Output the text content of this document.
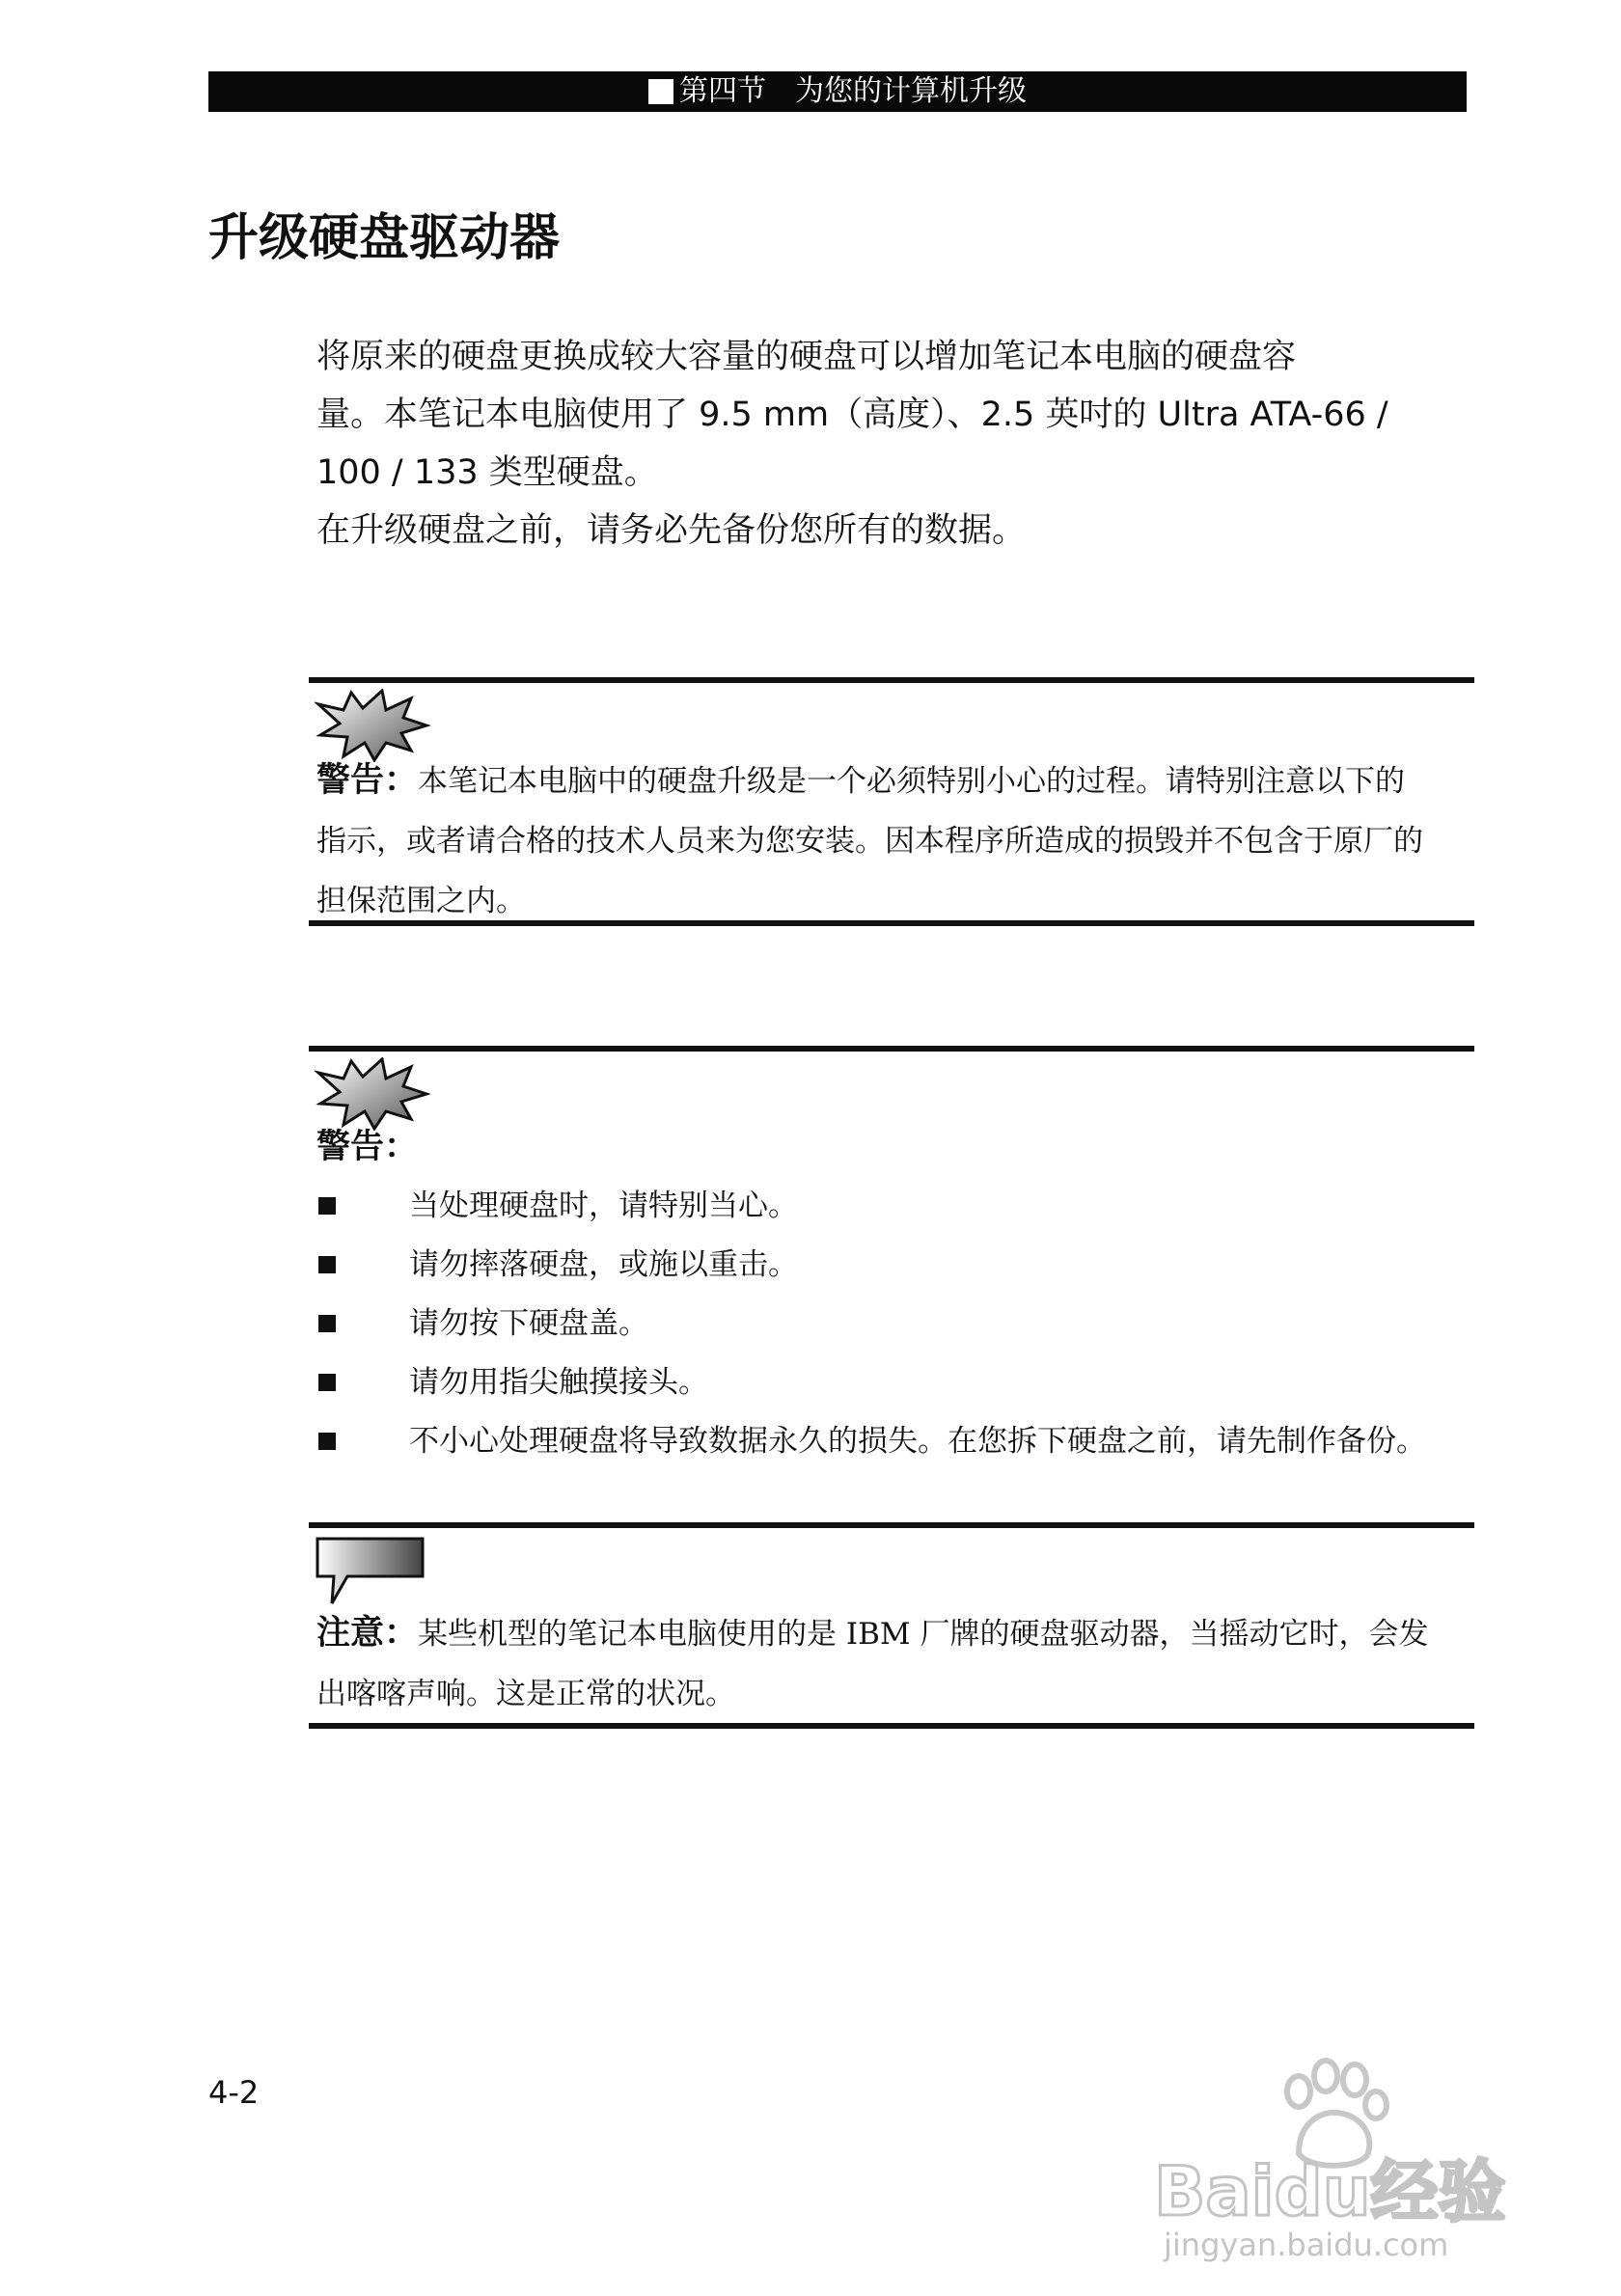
第四节　为您的计算机升级
升级硬盘驱动器

将原来的硬盘更换成较大容量的硬盘可以增加笔记本电脑的硬盘容

量。本笔记本电脑使用了 9.5 mm（高度）、2.5 英吋的 Ultra ATA-66 /

100 / 133 类型硬盘。

在升级硬盘之前，请务必先备份您所有的数据。

警告：本笔记本电脑中的硬盘升级是一个必须特别小心的过程。请特别注意以下的
指示，或者请合格的技术人员来为您安装。因本程序所造成的损毁并不包含于原厂的
担保范围之内。
警告：
当处理硬盘时，请特别当心。
请勿摔落硬盘，或施以重击。
请勿按下硬盘盖。
请勿用指尖触摸接头。
不小心处理硬盘将导致数据永久的损失。在您拆下硬盘之前，请先制作备份。
注意：某些机型的笔记本电脑使用的是 IBM 厂牌的硬盘驱动器，当摇动它时，会发
出喀喀声响。这是正常的状况。
4-2
Baidu经验
jingyan.baidu.com
